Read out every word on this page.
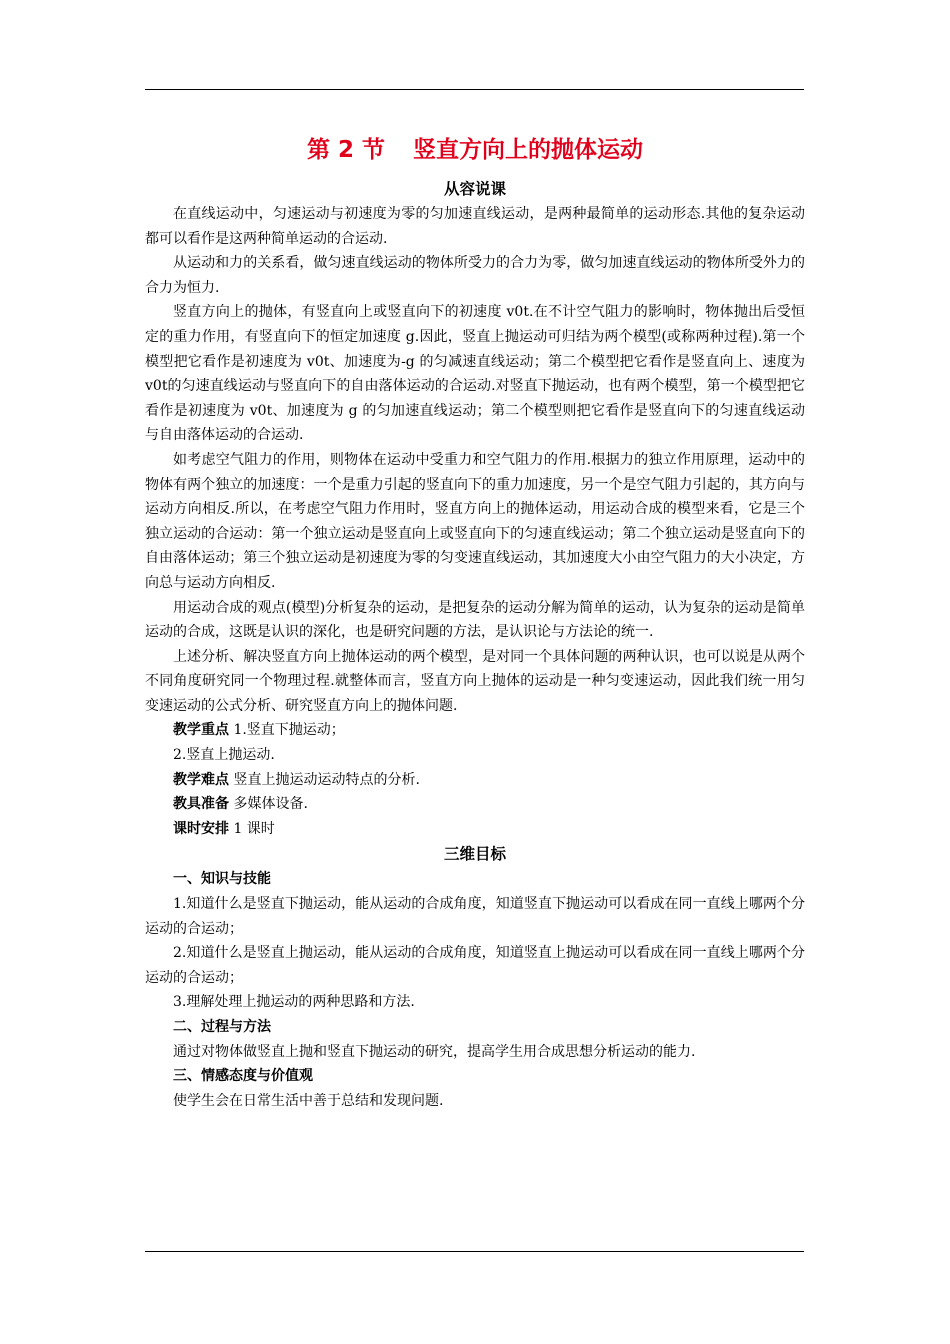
第 2 节 竖直方向上的抛体运动
从容说课

在直线运动中，匀速运动与初速度为零的匀加速直线运动，是两种最简单的运动形态.其他的复杂运动都可以看作是这两种简单运动的合运动.

从运动和力的关系看，做匀速直线运动的物体所受力的合力为零，做匀加速直线运动的物体所受外力的合力为恒力.

竖直方向上的抛体，有竖直向上或竖直向下的初速度 v0t.在不计空气阻力的影响时，物体抛出后受恒定的重力作用，有竖直向下的恒定加速度 g.因此，竖直上抛运动可归结为两个模型(或称两种过程).第一个模型把它看作是初速度为 v0t、加速度为-g 的匀减速直线运动；第二个模型把它看作是竖直向上、速度为 v0t的匀速直线运动与竖直向下的自由落体运动的合运动.对竖直下抛运动，也有两个模型，第一个模型把它看作是初速度为 v0t、加速度为 g 的匀加速直线运动；第二个模型则把它看作是竖直向下的匀速直线运动与自由落体运动的合运动.

如考虑空气阻力的作用，则物体在运动中受重力和空气阻力的作用.根据力的独立作用原理，运动中的物体有两个独立的加速度：一个是重力引起的竖直向下的重力加速度，另一个是空气阻力引起的，其方向与运动方向相反.所以，在考虑空气阻力作用时，竖直方向上的抛体运动，用运动合成的模型来看，它是三个独立运动的合运动：第一个独立运动是竖直向上或竖直向下的匀速直线运动；第二个独立运动是竖直向下的自由落体运动；第三个独立运动是初速度为零的匀变速直线运动，其加速度大小由空气阻力的大小决定，方向总与运动方向相反.

用运动合成的观点(模型)分析复杂的运动，是把复杂的运动分解为简单的运动，认为复杂的运动是简单运动的合成，这既是认识的深化，也是研究问题的方法，是认识论与方法论的统一.

上述分析、解决竖直方向上抛体运动的两个模型，是对同一个具体问题的两种认识，也可以说是从两个不同角度研究同一个物理过程.就整体而言，竖直方向上抛体的运动是一种匀变速运动，因此我们统一用匀变速运动的公式分析、研究竖直方向上的抛体问题.

教学重点 1.竖直下抛运动；

2.竖直上抛运动.

教学难点 竖直上抛运动运动特点的分析.

教具准备 多媒体设备.

课时安排 1 课时

三维目标
一、知识与技能

1.知道什么是竖直下抛运动，能从运动的合成角度，知道竖直下抛运动可以看成在同一直线上哪两个分运动的合运动；

2.知道什么是竖直上抛运动，能从运动的合成角度，知道竖直上抛运动可以看成在同一直线上哪两个分运动的合运动；

3.理解处理上抛运动的两种思路和方法.

二、过程与方法

通过对物体做竖直上抛和竖直下抛运动的研究，提高学生用合成思想分析运动的能力.

三、情感态度与价值观

使学生会在日常生活中善于总结和发现问题.
